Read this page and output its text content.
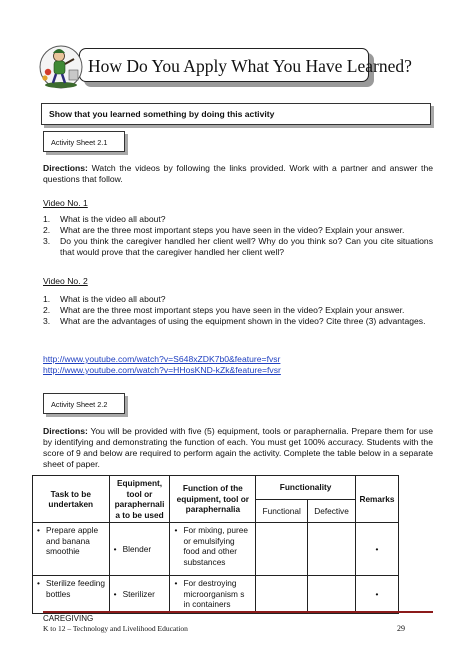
How Do You Apply What You Have Learned?
Show that you learned something by doing this activity
Activity Sheet 2.1
Directions: Watch the videos by following the links provided. Work with a partner and answer the questions that follow.
Video No. 1
1. What is the video all about?
2. What are the three most important steps you have seen in the video? Explain your answer.
3. Do you think the caregiver handled her client well? Why do you think so? Can you cite situations that would prove that the caregiver handled her client well?
Video No. 2
1. What is the video all about?
2. What are the three most important steps you have seen in the video? Explain your answer.
3. What are the advantages of using the equipment shown in the video? Cite three (3) advantages.
http://www.youtube.com/watch?v=S648xZDK7b0&feature=fvsr
http://www.youtube.com/watch?v=HHosKND-kZk&feature=fvsr
Activity Sheet 2.2
Directions: You will be provided with five (5) equipment, tools or paraphernalia. Prepare them for use by identifying and demonstrating the function of each. You must get 100% accuracy. Students with the score of 9 and below are required to perform again the activity. Complete the table below in a separate sheet of paper.
Task to be undertaken	Equipment, tool or paraphernali a to be used	Function of the equipment, tool or paraphernalia	Functionality		Remarks
			Functional	Defective	

• Prepare apple and banana smoothie	• Blender	• For mixing, puree or emulsifying food and other substances			•

• Sterilize feeding bottles	• Sterilizer	• For destroying microorganism s in containers			•
CAREGIVING
K to 12 – Technology and Livelihood Education	29
